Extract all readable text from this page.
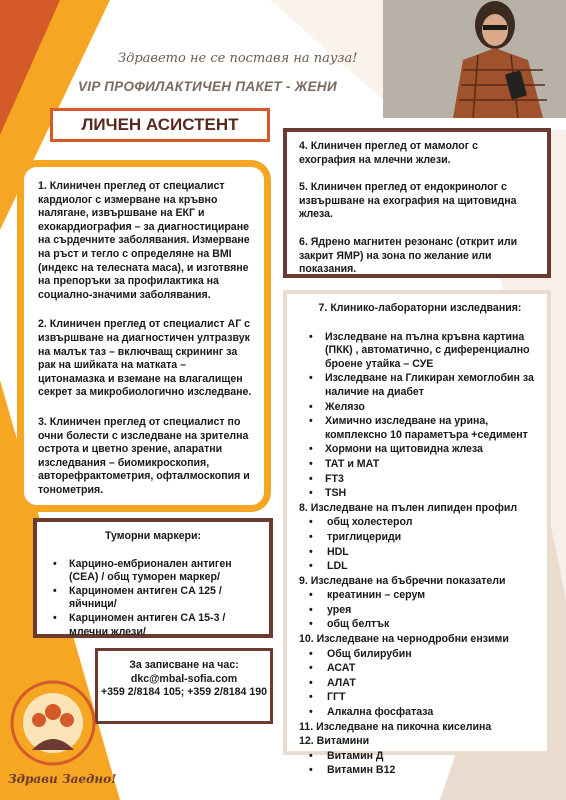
Здравето не се поставя на пауза!
VIP ПРОФИЛАКТИЧЕН ПАКЕТ - ЖЕНИ
ЛИЧЕН АСИСТЕНТ

1. Клиничен преглед от специалист кардиолог с измерване на кръвно налягане, извършване на ЕКГ и ехокардиография – за диагностициране на сърдечните заболявания. Измерване на ръст и тегло с определяне на BMI (индекс на телесната маса), и изготвяне на препоръки за профилактика на социално-значими заболявания.

2. Клиничен преглед от специалист АГ с извършване на диагностичен ултразвук на малък таз – включващ скрининг за рак на шийката на матката – цитонамазка и вземане на влагалищен секрет за микробиологично изследване.

3. Клиничен преглед от специалист по очни болести с изследване на зрителна острота и цветно зрение, апаратни изследвания – биомикроскопия, авторефрактометрия, офталмоскопия и тонометрия.

4. Клиничен преглед от мамолог с ехография на млечни жлези.

5. Клиничен преглед от ендокринолог с извършване на ехография на щитовидна жлеза.

6. Ядрено магнитен резонанс (открит или закрит ЯМР) на зона по желание или показания.

7. Клинико-лабораторни изследвания:
• Изследване на пълна кръвна картина (ПКК) , автоматично, с диференциално броене утайка – СУЕ
• Изследване на Гликиран хемоглобин за наличие на диабет
• Желязо
• Химично изследване на урина, комплексно 10 параметъра +седимент
• Хормони на щитовидна жлеза
• ТАТ и МАТ
• FT3
• TSH
8. Изследване на пълен липиден профил
• общ холестерол
• триглицериди
• HDL
• LDL
9. Изследване на бъбречни показатели
• креатинин – серум
• урея
• общ белтък
10. Изследване на чернодробни ензими
• Общ билирубин
• АСАТ
• АЛАТ
• ГГТ
• Алкална фосфатаза
11. Изследване на пикочна киселина
12. Витамини
• Витамин Д
• Витамин В12
Туморни маркери:
• Карцино-ембрионален антиген (CEA) / общ туморен маркер/
• Карциномен антиген CA 125 /яйчници/
• Карциномен антиген CA 15-3 /млечни жлези/
За записване на час:
dkc@mbal-sofia.com
+359 2/8184 105; +359 2/8184 190
Здрави Заедно!
